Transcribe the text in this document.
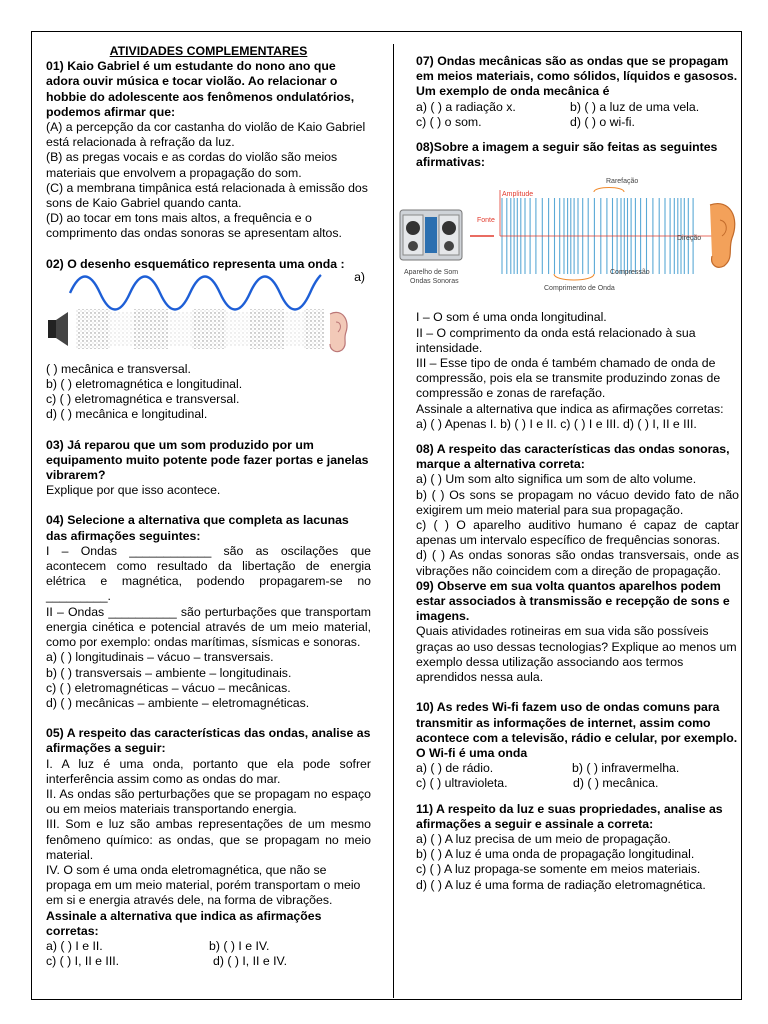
ATIVIDADES COMPLEMENTARES

01) Kaio Gabriel é um estudante do nono ano que adora ouvir música e tocar violão. Ao relacionar o hobbie do adolescente aos fenômenos ondulatórios, podemos afirmar que:

(A) a percepção da cor castanha do violão de Kaio Gabriel está relacionada à refração da luz.

(B) as pregas vocais e as cordas do violão são meios materiais que envolvem a propagação do som.

(C) a membrana timpânica está relacionada à emissão dos sons de Kaio Gabriel quando canta.

(D) ao tocar em tons mais altos, a frequência e o comprimento das ondas sonoras se apresentam altos.

02) O desenho esquemático representa uma onda :

a)

( ) mecânica e transversal.

b) ( ) eletromagnética e longitudinal.

c) ( ) eletromagnética e transversal.

d) ( ) mecânica e longitudinal.

03) Já reparou que um som produzido por um equipamento muito potente pode fazer portas e janelas vibrarem?

Explique por que isso acontece.

04) Selecione a alternativa que completa as lacunas das afirmações seguintes:

I – Ondas ____________ são as oscilações que acontecem como resultado da libertação de energia elétrica e magnética, podendo propagarem-se no _________.

II – Ondas __________ são perturbações que transportam energia cinética e potencial através de um meio material, como por exemplo: ondas marítimas, sísmicas e sonoras.

a) ( ) longitudinais – vácuo – transversais.

b) ( ) transversais – ambiente – longitudinais.

c) ( ) eletromagnéticas – vácuo – mecânicas.

d) ( ) mecânicas – ambiente – eletromagnéticas.

05) A respeito das características das ondas, analise as afirmações a seguir:

I. A luz é uma onda, portanto que ela pode sofrer interferência assim como as ondas do mar.

II. As ondas são perturbações que se propagam no espaço ou em meios materiais transportando energia.

III. Som e luz são ambas representações de um mesmo fenômeno químico: as ondas, que se propagam no meio material.

IV. O som é uma onda eletromagnética, que não se propaga em um meio material, porém transportam o meio em si e energia através dele, na forma de vibrações.

Assinale a alternativa que indica as afirmações corretas:

a) ( ) I e II.	b) ( ) I e IV.
c) ( ) I, II e III.	d) ( ) I, II e IV.

07) Ondas mecânicas são as ondas que se propagam em meios materiais, como sólidos, líquidos e gasosos. Um exemplo de onda mecânica é

a) ( ) a radiação x.	b) ( ) a luz de uma vela.
c) ( ) o som.	d) ( ) o wi-fi.

08)Sobre a imagem a seguir são feitas as seguintes afirmativas:

Aparelho de Som
Ondas Sonoras
Fonte
Amplitude
Rarefação
Direção
Comprimento de Onda
Compressão

I – O som é uma onda longitudinal.

II – O comprimento da onda está relacionado à sua intensidade.

III – Esse tipo de onda é também chamado de onda de compressão, pois ela se transmite produzindo zonas de compressão e zonas de rarefação.

Assinale a alternativa que indica as afirmações corretas:

a) ( ) Apenas I. b) ( ) I e II. c) ( ) I e III. d) ( ) I, II e III.

08) A respeito das características das ondas sonoras, marque a alternativa correta:

a) ( ) Um som alto significa um som de alto volume.

b) ( ) Os sons se propagam no vácuo devido fato de não exigirem um meio material para sua propagação.

c) ( ) O aparelho auditivo humano é capaz de captar apenas um intervalo específico de frequências sonoras.

d) ( ) As ondas sonoras são ondas transversais, onde as vibrações não coincidem com a direção de propagação.

09) Observe em sua volta quantos aparelhos podem estar associados à transmissão e recepção de sons e imagens.

Quais atividades rotineiras em sua vida são possíveis graças ao uso dessas tecnologias? Explique ao menos um exemplo dessa utilização associando aos termos aprendidos nessa aula.

10) As redes Wi-fi fazem uso de ondas comuns para transmitir as informações de internet, assim como acontece com a televisão, rádio e celular, por exemplo. O Wi-fi é uma onda

a) ( ) de rádio.	b) ( ) infravermelha.
c) ( ) ultravioleta.	d) ( ) mecânica.

11) A respeito da luz e suas propriedades, analise as afirmações a seguir e assinale a correta:

a) ( ) A luz precisa de um meio de propagação.

b) ( ) A luz é uma onda de propagação longitudinal.

c) ( ) A luz propaga-se somente em meios materiais.

d) ( ) A luz é uma forma de radiação eletromagnética.
